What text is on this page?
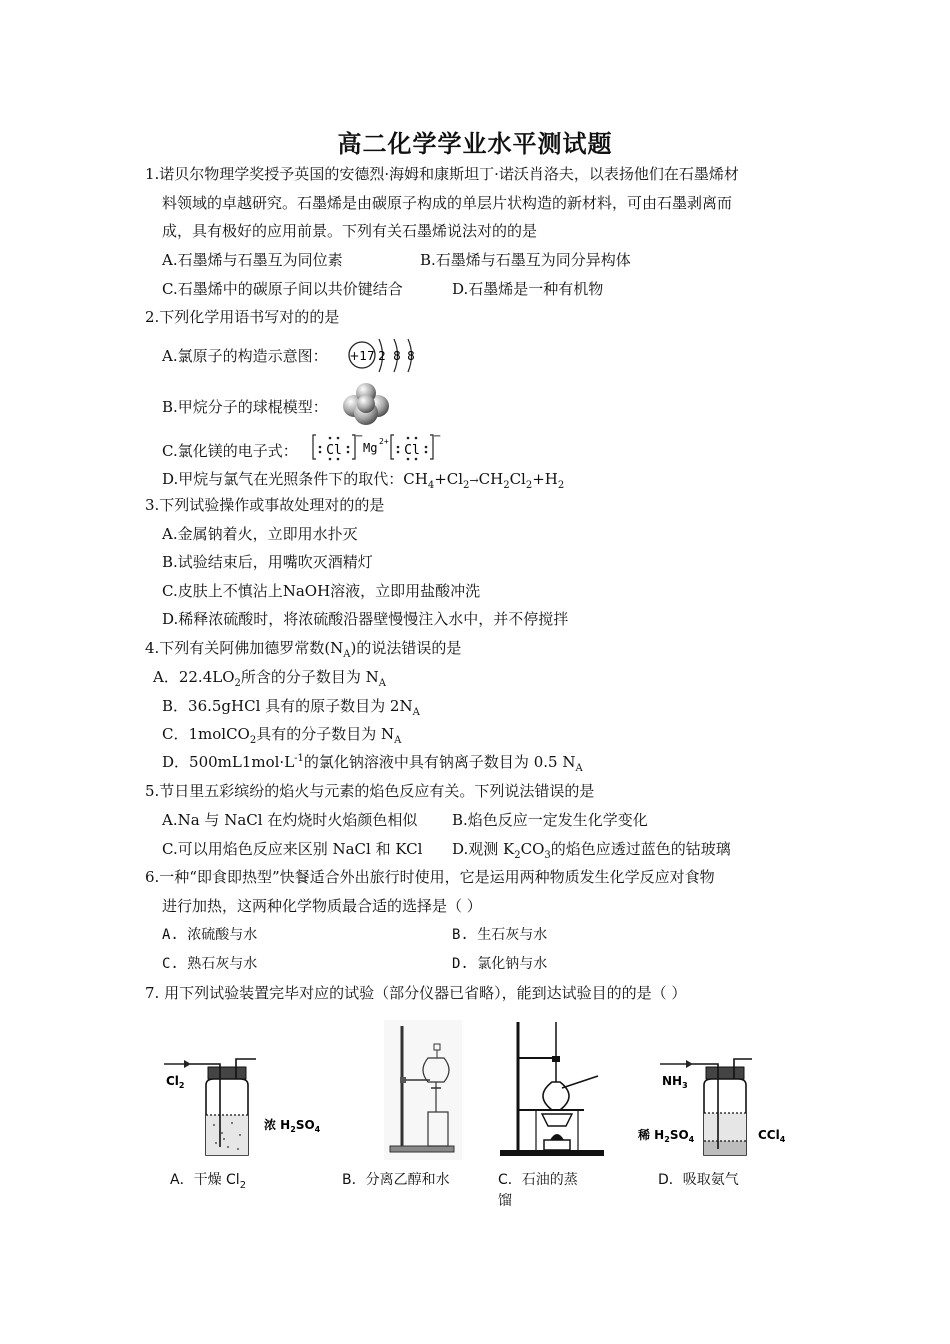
高二化学学业水平测试题
1.诺贝尔物理学奖授予英国的安德烈·海姆和康斯坦丁·诺沃肖洛夫，以表扬他们在石墨烯材
料领域的卓越研究。石墨烯是由碳原子构成的单层片状构造的新材料，可由石墨剥离而
成，具有极好的应用前景。下列有关石墨烯说法对的的是
A.石墨烯与石墨互为同位素	B.石墨烯与石墨互为同分异构体
C.石墨烯中的碳原子间以共价键结合	D.石墨烯是一种有机物
2.下列化学用语书写对的的是
A.氯原子的构造示意图： +17 2 8 8
B.甲烷分子的球棍模型：
C.氯化镁的电子式： Cl	Cl
Mg 2+
−	−
D.甲烷与氯气在光照条件下的取代：$CH_4+Cl_2\to CH_2Cl_2+H_2$
3.下列试验操作或事故处理对的的是
A.金属钠着火，立即用水扑灭
B.试验结束后，用嘴吹灭酒精灯
C.皮肤上不慎沾上NaOH溶液，立即用盐酸冲洗
D.稀释浓硫酸时，将浓硫酸沿器壁慢慢注入水中，并不停搅拌
4.下列有关阿佛加德罗常数$(N_A)$的说法错误的是
A．$22.4LO_2$所含的分子数目为 $N_A$
B．36.5gHCl 具有的原子数目为 $2N_A$
C．1molCO$_2$具有的分子数目为 $N_A$
D．$500mL1mol\cdot L^{-1}$的氯化钠溶液中具有钠离子数目为 0.5 $N_A$
5.节日里五彩缤纷的焰火与元素的焰色反应有关。下列说法错误的是
A.Na 与 NaCl 在灼烧时火焰颜色相似 B.焰色反应一定发生化学变化
C.可以用焰色反应来区别 NaCl 和 KCl D.观测 $K_2CO_3$的焰色应透过蓝色的钴玻璃
6.一种“即食即热型”快餐适合外出旅行时使用，它是运用两种物质发生化学反应对食物
进行加热，这两种化学物质最合适的选择是（ ）
A. 浓硫酸与水	B. 生石灰与水
C. 熟石灰与水	D. 氯化钠与水
7. 用下列试验装置完毕对应的试验（部分仪器已省略），能到达试验目的的是（ ）
$Cl_2$
浓 $H_2SO_4$
$NH_3$
稀 $H_2SO_4$	CCl$_4$
A．干燥 $Cl_2$	B．分离乙醇和水	C．石油的蒸
馏
D．吸取氨气
